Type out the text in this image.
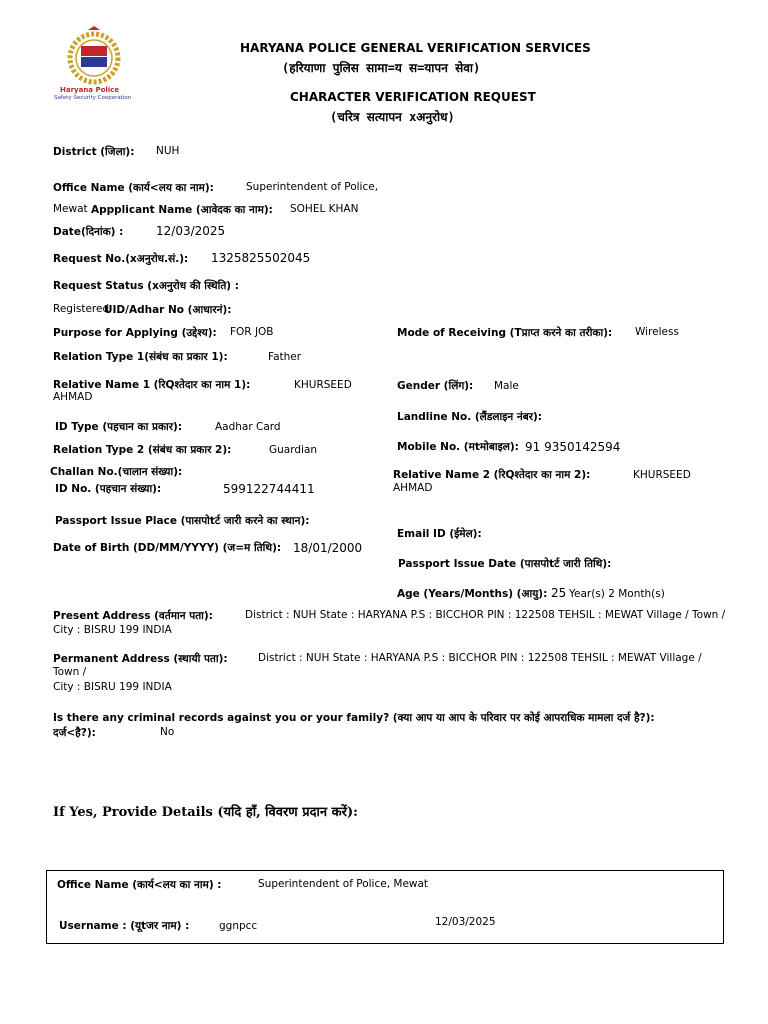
Haryana Police
Safety Security Cooperation
HARYANA POLICE GENERAL VERIFICATION SERVICES
(हरियाणा पुलिस सामा=य स=यापन सेवा)
CHARACTER VERIFICATION REQUEST
(चरित्र सत्यापन xअनुरोध)
District (जिला): NUH
Office Name (कार्य<लय का नाम):	Superintendent of Police,
Mewat Appplicant Name (आवेदक का नाम): SOHEL KHAN
Date(दिनांक) :	12/03/2025
Request No.(xअनुरोध.सं.): 1325825502045
Request Status (xअनुरोध की स्थिति) :
Registered
UID/Adhar No (आधारनं):
Purpose for Applying (उद्देश्य): FOR JOB	Mode of Receiving (Tप्राप्त करने का तरीका): Wireless
Relation Type 1(संबंध का प्रकार 1):	Father
Relative Name 1 (रिQश्तेदार का नाम 1):	KHURSEED
AHMAD
Gender (लिंग): Male
Landline No. (लैंडलाइन नंबर):
ID Type (पहचान का प्रकार):	Aadhar Card
Relation Type 2 (संबंध का प्रकार 2):	Guardian	Mobile No. (मtमोबाइल): 91 9350142594
Challan No.(चालान संख्या):	Relative Name 2 (रिQश्तेदार का नाम 2):	KHURSEED
AHMAD
ID No. (पहचान संख्या):	599122744411
Passport Issue Place (पासपोtर्ट जारी करने का स्थान):
Email ID (ईमेल):
Date of Birth (DD/MM/YYYY) (ज=म तिथि): 18/01/2000
Passport Issue Date (पासपोtर्ट जारी तिथि):
Age (Years/Months) (आयु): 25 Year(s) 2 Month(s)
Present Address (वर्तमान पता):	District : NUH State : HARYANA P.S : BICCHOR PIN : 122508 TEHSIL : MEWAT Village / Town /
City : BISRU 199 INDIA
Permanent Address (स्थायी पता):	District : NUH State : HARYANA P.S : BICCHOR PIN : 122508 TEHSIL : MEWAT Village /
Town /
City : BISRU 199 INDIA
Is there any criminal records against you or your family? (क्या आप या आप के परिवार पर कोई आपराधिक मामला दर्ज है?):
दर्ज<है?):	No
If Yes, Provide Details (यदि हाँ, विवरण प्रदान करें):
Office Name (कार्य<लय का नाम) :	Superintendent of Police, Mewat
Username : (यूtजर नाम) :	ggnpcc	12/03/2025
